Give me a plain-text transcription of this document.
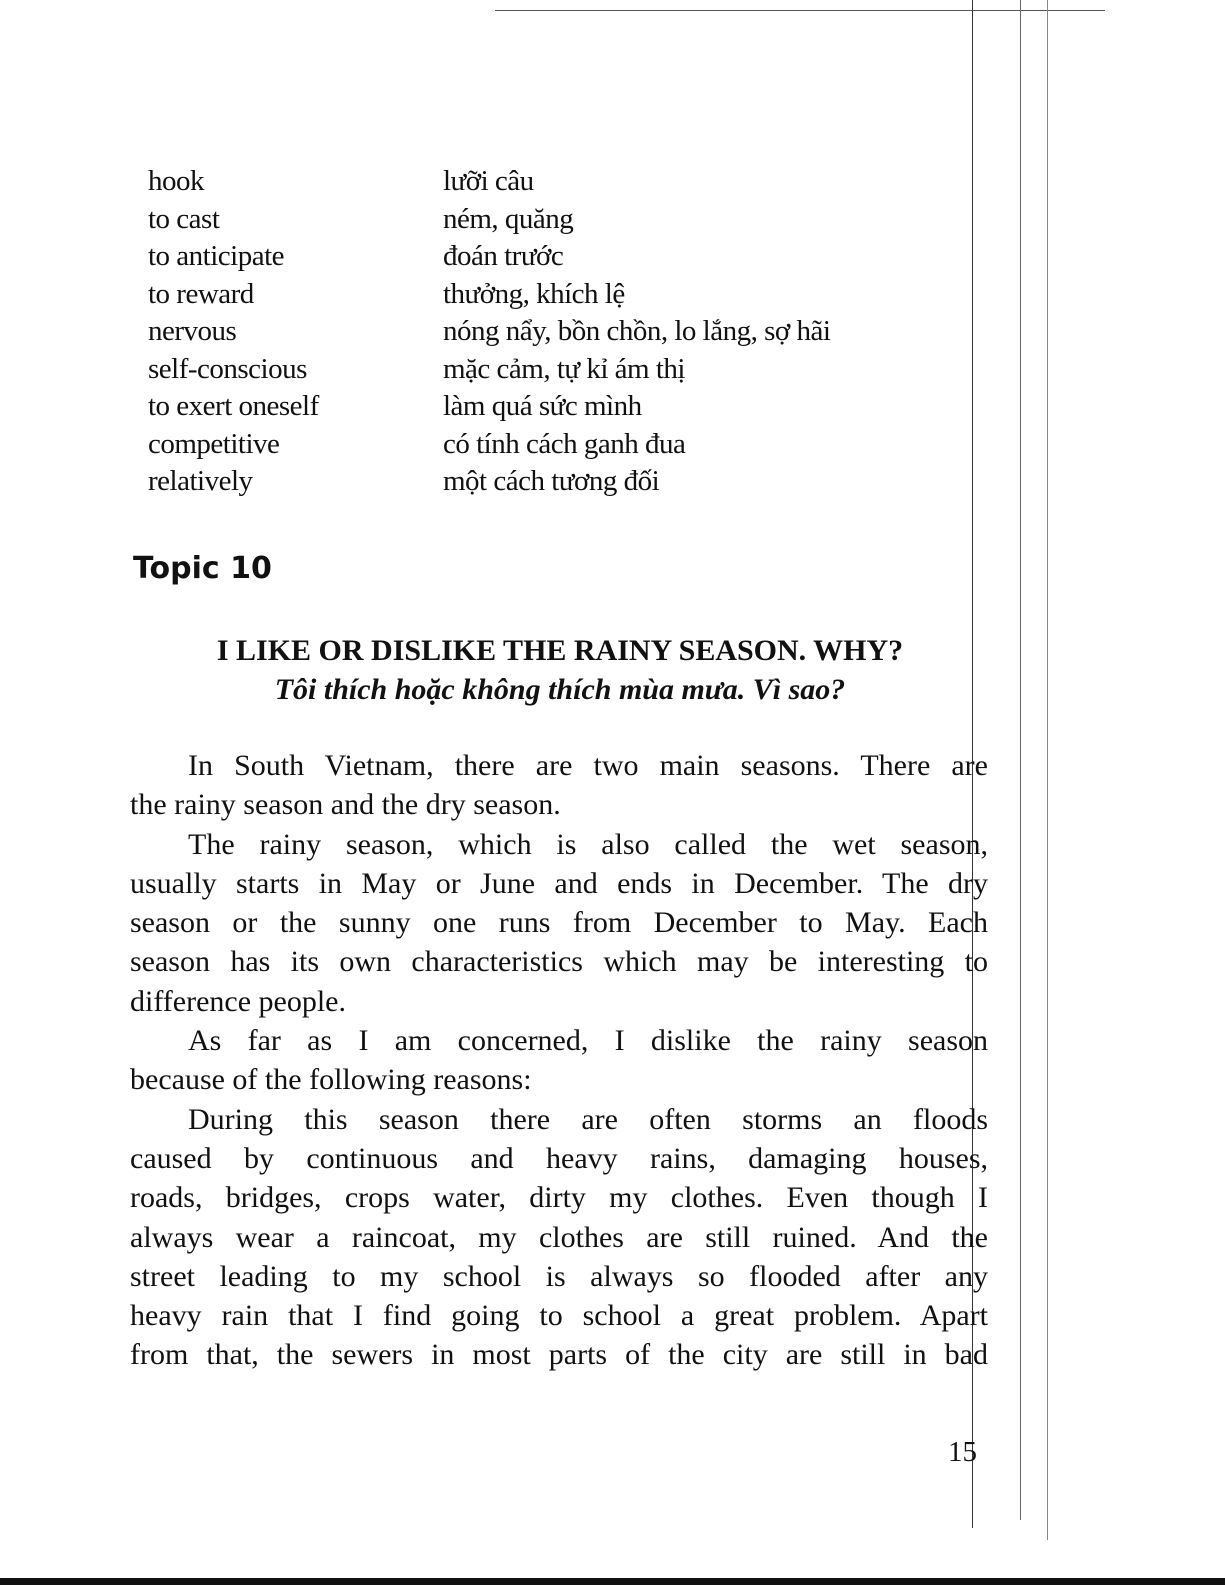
hook	lưỡi câu
to cast	ném, quăng
to anticipate	đoán trước
to reward	thưởng, khích lệ
nervous	nóng nẩy, bồn chồn, lo lắng, sợ hãi
self-conscious	mặc cảm, tự kỉ ám thị
to exert oneself	làm quá sức mình
competitive	có tính cách ganh đua
relatively	một cách tương đối
Topic 10
I LIKE OR DISLIKE THE RAINY SEASON. WHY?
Tôi thích hoặc không thích mùa mưa. Vì sao?
In South Vietnam, there are two main seasons. There are
the rainy season and the dry season.
The rainy season, which is also called the wet season,
usually starts in May or June and ends in December. The dry
season or the sunny one runs from December to May. Each
season has its own characteristics which may be interesting to
difference people.
As far as I am concerned, I dislike the rainy season
because of the following reasons:
During this season there are often storms an floods
caused by continuous and heavy rains, damaging houses,
roads, bridges, crops water, dirty my clothes. Even though I
always wear a raincoat, my clothes are still ruined. And the
street leading to my school is always so flooded after any
heavy rain that I find going to school a great problem. Apart
from that, the sewers in most parts of the city are still in bad
15
